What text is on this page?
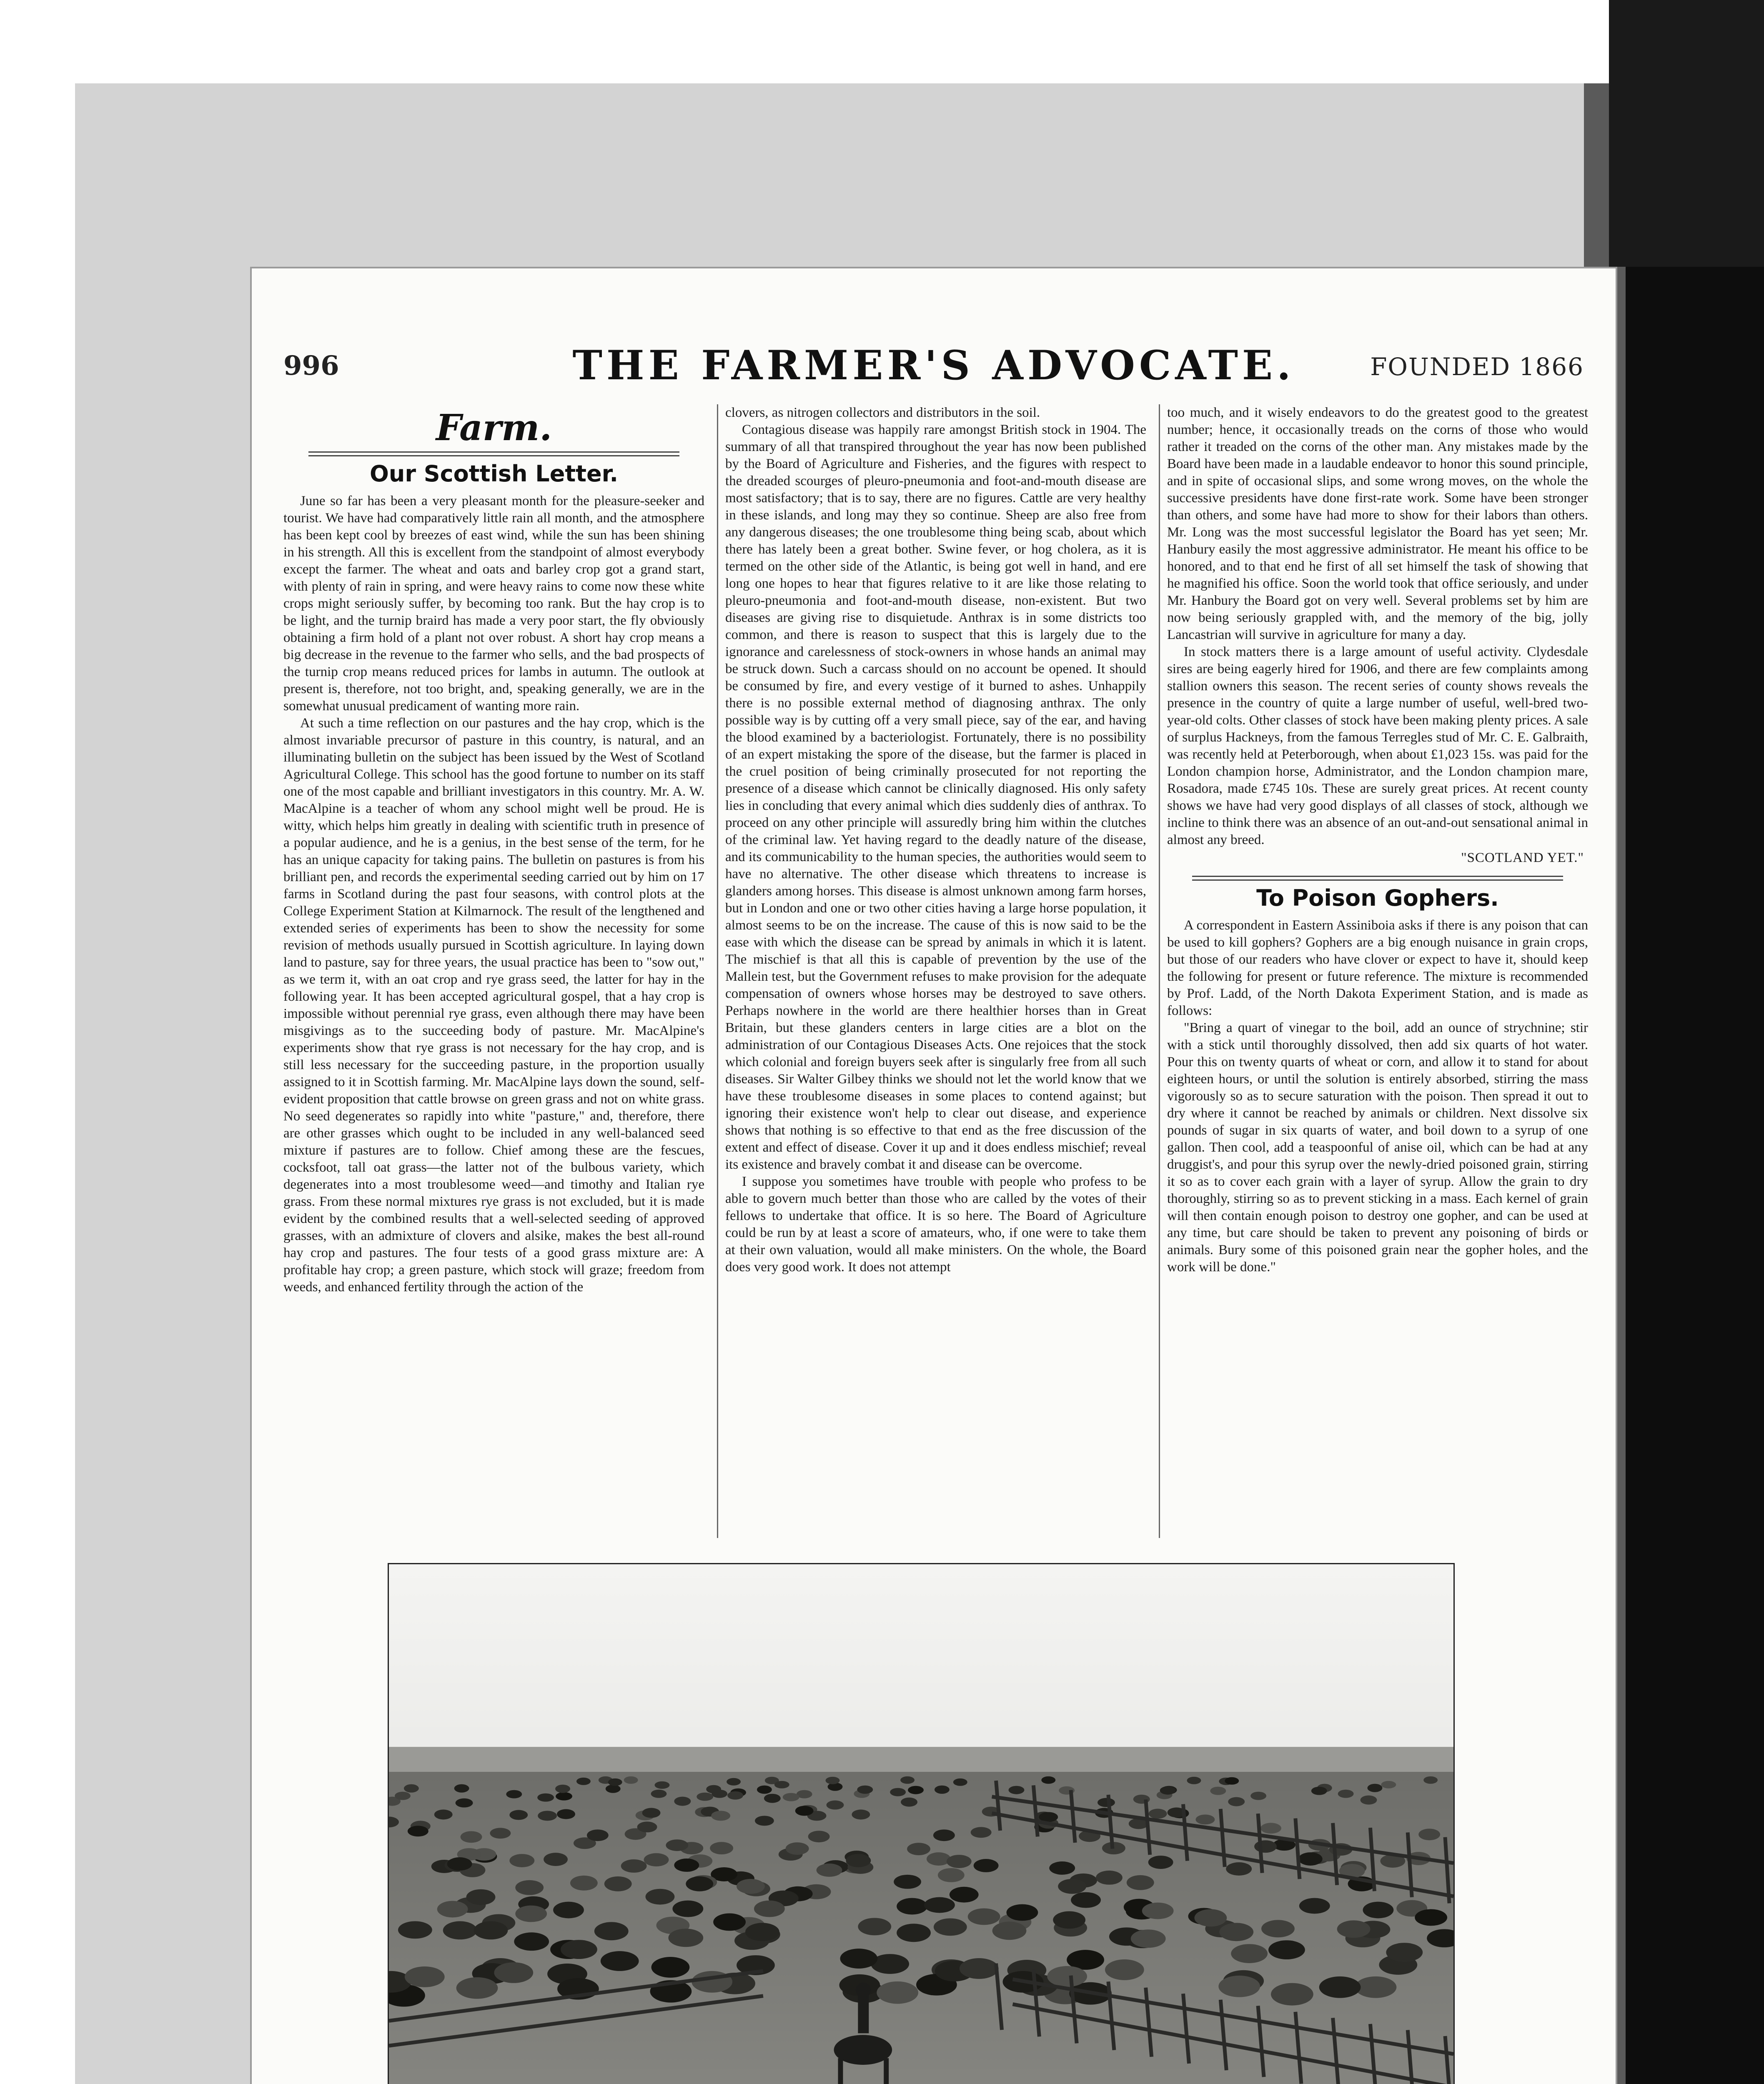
996	THE FARMER'S ADVOCATE.	FOUNDED 1866
Farm.
Our Scottish Letter.

June so far has been a very pleasant month for the pleasure-seeker and tourist. We have had comparatively little rain all month, and the atmosphere has been kept cool by breezes of east wind, while the sun has been shining in his strength. All this is excellent from the standpoint of almost everybody except the farmer. The wheat and oats and barley crop got a grand start, with plenty of rain in spring, and were heavy rains to come now these white crops might seriously suffer, by becoming too rank. But the hay crop is to be light, and the turnip braird has made a very poor start, the fly obviously obtaining a firm hold of a plant not over robust. A short hay crop means a big decrease in the revenue to the farmer who sells, and the bad prospects of the turnip crop means reduced prices for lambs in autumn. The outlook at present is, therefore, not too bright, and, speaking generally, we are in the somewhat unusual predicament of wanting more rain.

At such a time reflection on our pastures and the hay crop, which is the almost invariable precursor of pasture in this country, is natural, and an illuminating bulletin on the subject has been issued by the West of Scotland Agricultural College. This school has the good fortune to number on its staff one of the most capable and brilliant investigators in this country. Mr. A. W. MacAlpine is a teacher of whom any school might well be proud. He is witty, which helps him greatly in dealing with scientific truth in presence of a popular audience, and he is a genius, in the best sense of the term, for he has an unique capacity for taking pains. The bulletin on pastures is from his brilliant pen, and records the experimental seeding carried out by him on 17 farms in Scotland during the past four seasons, with control plots at the College Experiment Station at Kilmarnock. The result of the lengthened and extended series of experiments has been to show the necessity for some revision of methods usually pursued in Scottish agriculture. In laying down land to pasture, say for three years, the usual practice has been to "sow out," as we term it, with an oat crop and rye grass seed, the latter for hay in the following year. It has been accepted agricultural gospel, that a hay crop is impossible without perennial rye grass, even although there may have been misgivings as to the succeeding body of pasture. Mr. MacAlpine's experiments show that rye grass is not necessary for the hay crop, and is still less necessary for the succeeding pasture, in the proportion usually assigned to it in Scottish farming. Mr. MacAlpine lays down the sound, self-evident proposition that cattle browse on green grass and not on white grass. No seed degenerates so rapidly into white "pasture," and, therefore, there are other grasses which ought to be included in any well-balanced seed mixture if pastures are to follow. Chief among these are the fescues, cocksfoot, tall oat grass—the latter not of the bulbous variety, which degenerates into a most troublesome weed—and timothy and Italian rye grass. From these normal mixtures rye grass is not excluded, but it is made evident by the combined results that a well-selected seeding of approved grasses, with an admixture of clovers and alsike, makes the best all-round hay crop and pastures. The four tests of a good grass mixture are: A profitable hay crop; a green pasture, which stock will graze; freedom from weeds, and enhanced fertility through the action of the

clovers, as nitrogen collectors and distributors in the soil.

Contagious disease was happily rare amongst British stock in 1904. The summary of all that transpired throughout the year has now been published by the Board of Agriculture and Fisheries, and the figures with respect to the dreaded scourges of pleuro-pneumonia and foot-and-mouth disease are most satisfactory; that is to say, there are no figures. Cattle are very healthy in these islands, and long may they so continue. Sheep are also free from any dangerous diseases; the one troublesome thing being scab, about which there has lately been a great bother. Swine fever, or hog cholera, as it is termed on the other side of the Atlantic, is being got well in hand, and ere long one hopes to hear that figures relative to it are like those relating to pleuro-pneumonia and foot-and-mouth disease, non-existent. But two diseases are giving rise to disquietude. Anthrax is in some districts too common, and there is reason to suspect that this is largely due to the ignorance and carelessness of stock-owners in whose hands an animal may be struck down. Such a carcass should on no account be opened. It should be consumed by fire, and every vestige of it burned to ashes. Unhappily there is no possible external method of diagnosing anthrax. The only possible way is by cutting off a very small piece, say of the ear, and having the blood examined by a bacteriologist. Fortunately, there is no possibility of an expert mistaking the spore of the disease, but the farmer is placed in the cruel position of being criminally prosecuted for not reporting the presence of a disease which cannot be clinically diagnosed. His only safety lies in concluding that every animal which dies suddenly dies of anthrax. To proceed on any other principle will assuredly bring him within the clutches of the criminal law. Yet having regard to the deadly nature of the disease, and its communicability to the human species, the authorities would seem to have no alternative. The other disease which threatens to increase is glanders among horses. This disease is almost unknown among farm horses, but in London and one or two other cities having a large horse population, it almost seems to be on the increase. The cause of this is now said to be the ease with which the disease can be spread by animals in which it is latent. The mischief is that all this is capable of prevention by the use of the Mallein test, but the Government refuses to make provision for the adequate compensation of owners whose horses may be destroyed to save others. Perhaps nowhere in the world are there healthier horses than in Great Britain, but these glanders centers in large cities are a blot on the administration of our Contagious Diseases Acts. One rejoices that the stock which colonial and foreign buyers seek after is singularly free from all such diseases. Sir Walter Gilbey thinks we should not let the world know that we have these troublesome diseases in some places to contend against; but ignoring their existence won't help to clear out disease, and experience shows that nothing is so effective to that end as the free discussion of the extent and effect of disease. Cover it up and it does endless mischief; reveal its existence and bravely combat it and disease can be overcome.

I suppose you sometimes have trouble with people who profess to be able to govern much better than those who are called by the votes of their fellows to undertake that office. It is so here. The Board of Agriculture could be run by at least a score of amateurs, who, if one were to take them at their own valuation, would all make ministers. On the whole, the Board does very good work. It does not attempt

too much, and it wisely endeavors to do the greatest good to the greatest number; hence, it occasionally treads on the corns of those who would rather it treaded on the corns of the other man. Any mistakes made by the Board have been made in a laudable endeavor to honor this sound principle, and in spite of occasional slips, and some wrong moves, on the whole the successive presidents have done first-rate work. Some have been stronger than others, and some have had more to show for their labors than others. Mr. Long was the most successful legislator the Board has yet seen; Mr. Hanbury easily the most aggressive administrator. He meant his office to be honored, and to that end he first of all set himself the task of showing that he magnified his office. Soon the world took that office seriously, and under Mr. Hanbury the Board got on very well. Several problems set by him are now being seriously grappled with, and the memory of the big, jolly Lancastrian will survive in agriculture for many a day.

In stock matters there is a large amount of useful activity. Clydesdale sires are being eagerly hired for 1906, and there are few complaints among stallion owners this season. The recent series of county shows reveals the presence in the country of quite a large number of useful, well-bred two-year-old colts. Other classes of stock have been making plenty prices. A sale of surplus Hackneys, from the famous Terregles stud of Mr. C. E. Galbraith, was recently held at Peterborough, when about £1,023 15s. was paid for the London champion horse, Administrator, and the London champion mare, Rosadora, made £745 10s. These are surely great prices. At recent county shows we have had very good displays of all classes of stock, although we incline to think there was an absence of an out-and-out sensational animal in almost any breed.

"SCOTLAND YET."
To Poison Gophers.

A correspondent in Eastern Assiniboia asks if there is any poison that can be used to kill gophers? Gophers are a big enough nuisance in grain crops, but those of our readers who have clover or expect to have it, should keep the following for present or future reference. The mixture is recommended by Prof. Ladd, of the North Dakota Experiment Station, and is made as follows:

"Bring a quart of vinegar to the boil, add an ounce of strychnine; stir with a stick until thoroughly dissolved, then add six quarts of hot water. Pour this on twenty quarts of wheat or corn, and allow it to stand for about eighteen hours, or until the solution is entirely absorbed, stirring the mass vigorously so as to secure saturation with the poison. Then spread it out to dry where it cannot be reached by animals or children. Next dissolve six pounds of sugar in six quarts of water, and boil down to a syrup of one gallon. Then cool, add a teaspoonful of anise oil, which can be had at any druggist's, and pour this syrup over the newly-dried poisoned grain, stirring it so as to cover each grain with a layer of syrup. Allow the grain to dry thoroughly, stirring so as to prevent sticking in a mass. Each kernel of grain will then contain enough poison to destroy one gopher, and can be used at any time, but care should be taken to prevent any poisoning of birds or animals. Bury some of this poisoned grain near the gopher holes, and the work will be done."
